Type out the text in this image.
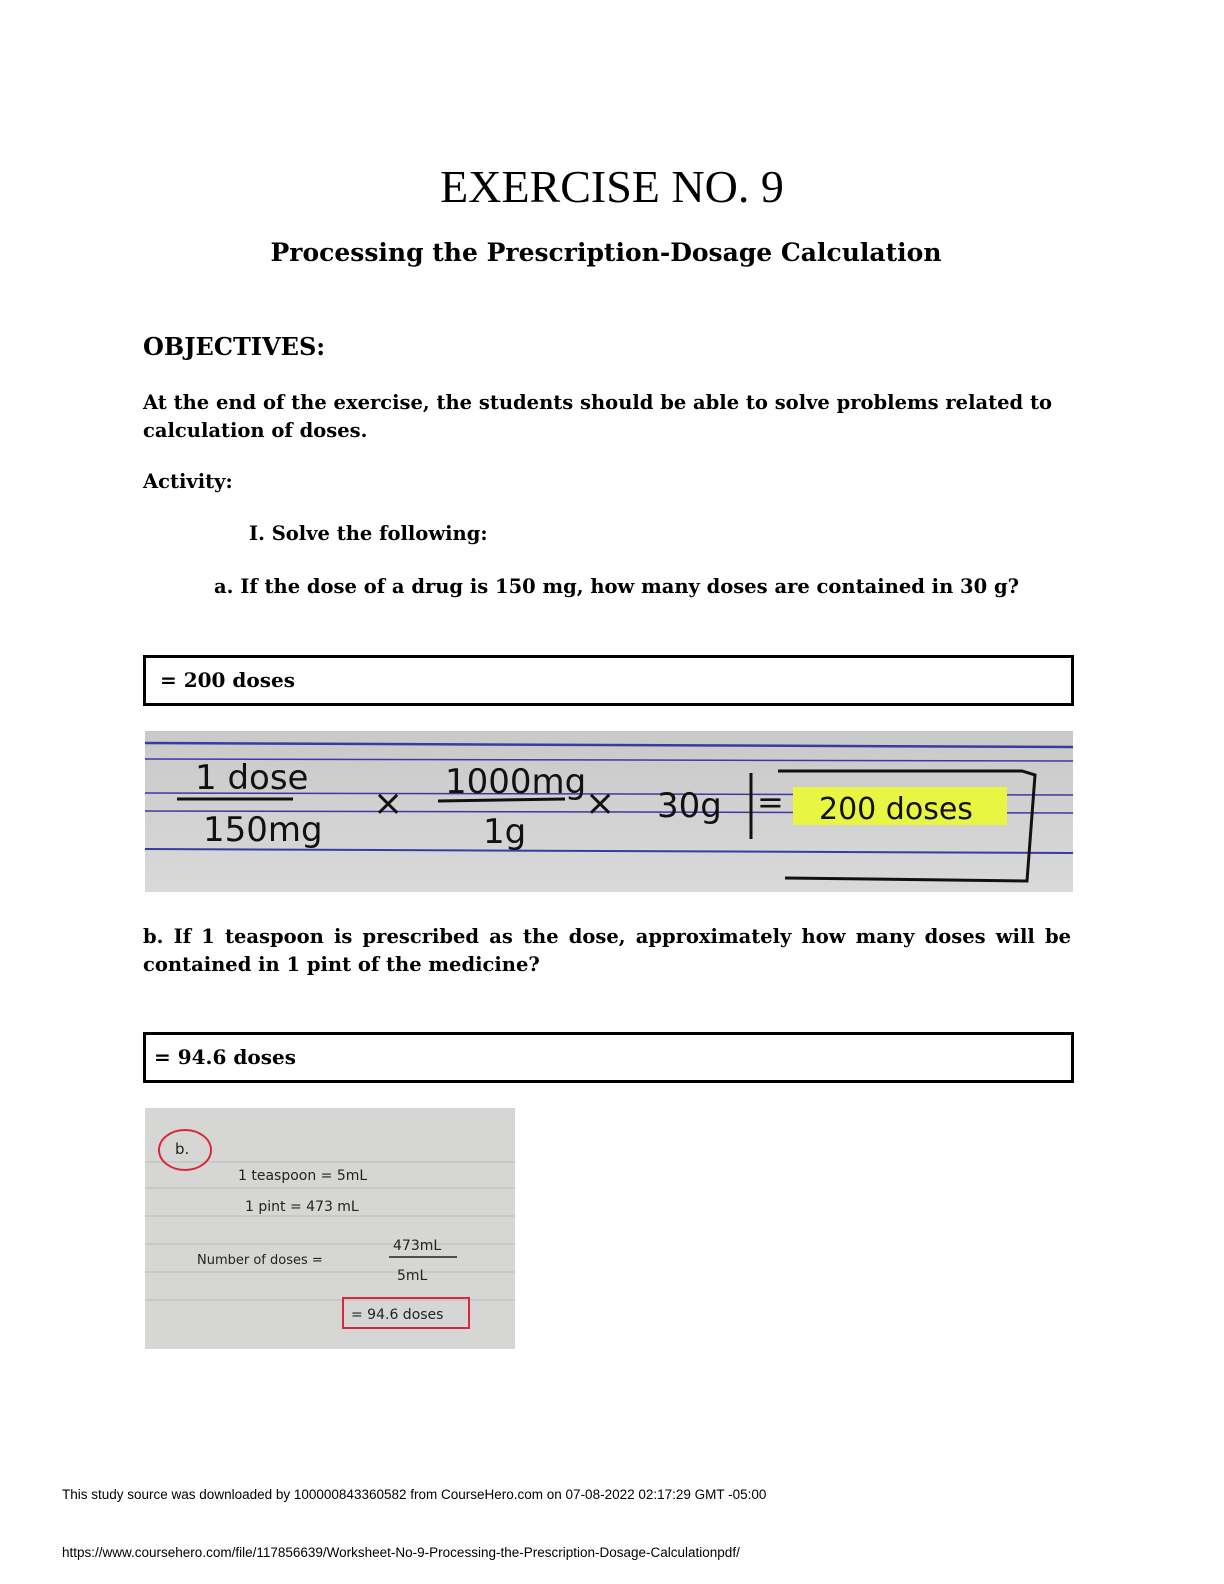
EXERCISE NO. 9
Processing the Prescription-Dosage Calculation
OBJECTIVES:
At the end of the exercise, the students should be able to solve problems related to calculation of doses.
Activity:
I. Solve the following:
a. If the dose of a drug is 150 mg, how many doses are contained in 30 g?
= 200 doses
1 dose
150mg
×
1000mg
1g
× 30g = 200 doses
b. If 1 teaspoon is prescribed as the dose, approximately how many doses will be contained in 1 pint of the medicine?
= 94.6 doses
b.
1 teaspoon = 5mL
1 pint = 473 mL
Number of doses =
473mL
5mL
= 94.6 doses
This study source was downloaded by 100000843360582 from CourseHero.com on 07-08-2022 02:17:29 GMT -05:00
https://www.coursehero.com/file/117856639/Worksheet-No-9-Processing-the-Prescription-Dosage-Calculationpdf/
